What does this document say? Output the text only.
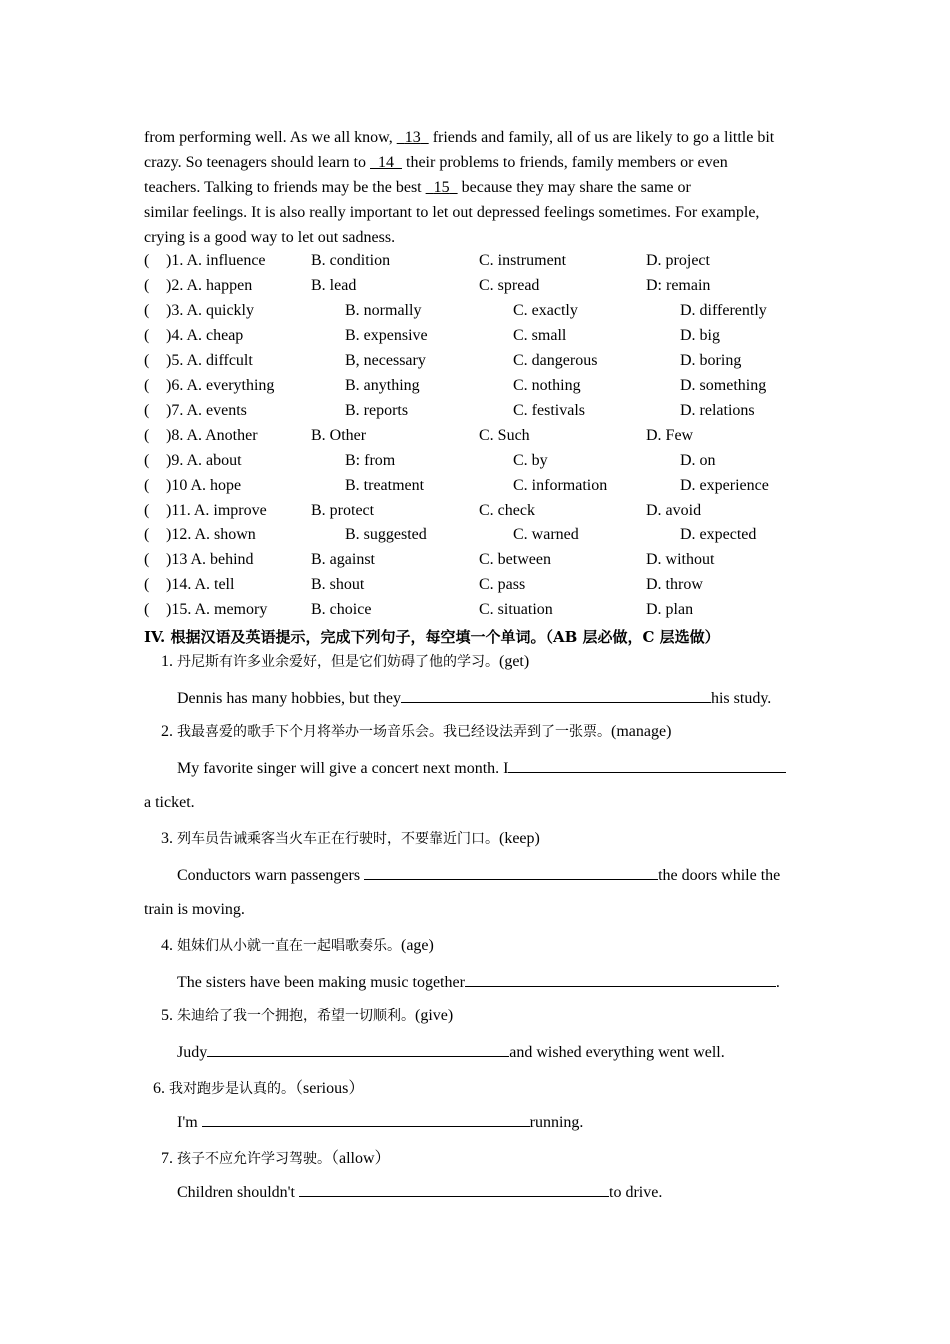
from performing well. As we all know,   13   friends and family, all of us are likely to go a little bit
crazy. So teenagers should learn to   14   their problems to friends, family members or even
teachers. Talking to friends may be the best   15   because they may share the same or
similar feelings. It is also really important to let out depressed feelings sometimes. For example,
crying is a good way to let out sadness.
( )1. A. influence	B. condition	C. instrument	D. project
( )2. A. happen	B. lead	C. spread	D: remain
( )3. A. quickly	B. normally	C. exactly	D. differently
( )4. A. cheap	B. expensive	C. small	D. big
( )5. A. diffcult	B, necessary	C. dangerous	D. boring
( )6. A. everything	B. anything	C. nothing	D. something
( )7. A. events	B. reports	C. festivals	D. relations
( )8. A. Another	B. Other	C. Such	D. Few
( )9. A. about	B: from	C. by	D. on
( )10 A. hope	B. treatment	C. information	D. experience
( )11. A. improve	B. protect	C. check	D. avoid
( )12. A. shown	B. suggested	C. warned	D. expected
( )13 A. behind	B. against	C. between	D. without
( )14. A. tell	B. shout	C. pass	D. throw
( )15. A. memory	B. choice	C. situation	D. plan
IV. 根据汉语及英语提示，完成下列句子，每空填一个单词。（AB 层必做，C 层选做）
1. 丹尼斯有许多业余爱好，但是它们妨碍了他的学习。(get)
Dennis has many hobbies, but they	his study.
2. 我最喜爱的歌手下个月将举办一场音乐会。我已经设法弄到了一张票。(manage)
My favorite singer will give a concert next month. I
a ticket.
3. 列车员告诫乘客当火车正在行驶时，不要靠近门口。(keep)
Conductors warn passengers	the doors while the
train is moving.
4. 姐妹们从小就一直在一起唱歌奏乐。(age)
The sisters have been making music together	.
5. 朱迪给了我一个拥抱，希望一切顺利。(give)
Judy	and wished everything went well.
6. 我对跑步是认真的。（serious）
I'm	running.
7. 孩子不应允许学习驾驶。（allow）
Children shouldn't	to drive.
